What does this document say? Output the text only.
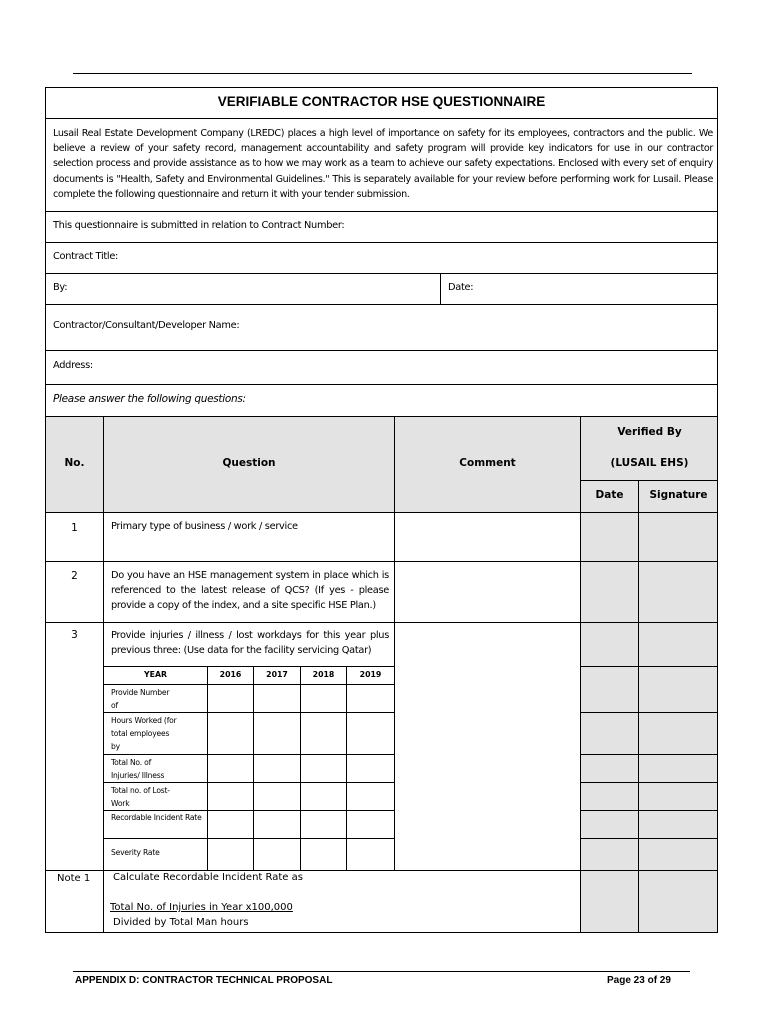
VERIFIABLE CONTRACTOR HSE QUESTIONNAIRE
Lusail Real Estate Development Company (LREDC) places a high level of importance on safety for its employees, contractors and the public. We believe a review of your safety record, management accountability and safety program will provide key indicators for use in our contractor selection process and provide assistance as to how we may work as a team to achieve our safety expectations. Enclosed with every set of enquiry documents is "Health, Safety and Environmental Guidelines." This is separately available for your review before performing work for Lusail. Please complete the following questionnaire and return it with your tender submission.
This questionnaire is submitted in relation to Contract Number:
Contract Title:
By:	Date:
Contractor/Consultant/Developer Name:
Address:
Please answer the following questions:
No.	Question	Comment
Verified By
(LUSAIL EHS)
Date	Signature
1	Primary type of business / work / service
2	Do you have an HSE management system in place which is referenced to the latest release of QCS? (If yes - please provide a copy of the index, and a site specific HSE Plan.)
3	Provide injuries / illness / lost workdays for this year plus previous three: (Use data for the facility servicing Qatar)
YEAR	2016	2017	2018	2019
Provide Number of
Hours Worked (for total employees by
Total No. of Injuries/ Illness
Total no. of Lost- Work
Recordable Incident Rate
Severity Rate
Note 1 Calculate Recordable Incident Rate as
Total No. of Injuries in Year x100,000
Divided by Total Man hours
APPENDIX D: CONTRACTOR TECHNICAL PROPOSAL	Page 23 of 29
